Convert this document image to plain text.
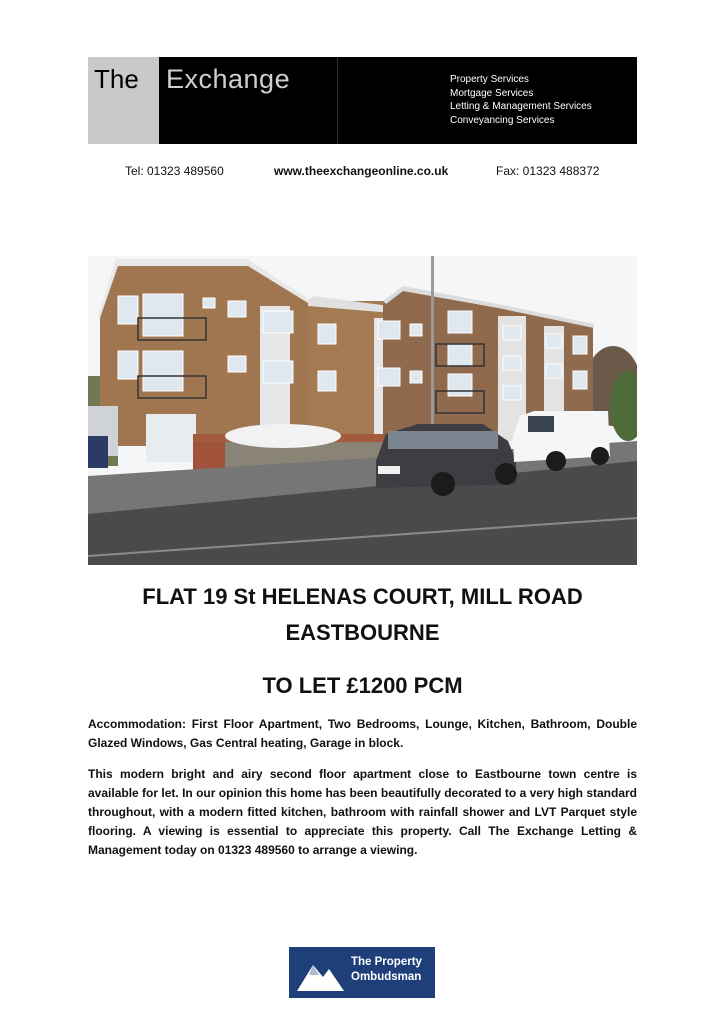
The	Exchange	Property Services
Mortgage Services
Letting & Management Services
Conveyancing Services
Tel: 01323 489560	www.theexchangeonline.co.uk	Fax: 01323 488372
FLAT 19 St HELENAS COURT, MILL ROAD
EASTBOURNE
TO LET £1200 PCM
Accommodation: First Floor Apartment, Two Bedrooms, Lounge, Kitchen, Bathroom, Double Glazed Windows, Gas Central heating, Garage in block.
This modern bright and airy second floor apartment close to Eastbourne town centre is available for let. In our opinion this home has been beautifully decorated to a very high standard throughout, with a modern fitted kitchen, bathroom with rainfall shower and LVT Parquet style flooring. A viewing is essential to appreciate this property. Call The Exchange Letting & Management today on 01323 489560 to arrange a viewing.
The Property
Ombudsman
